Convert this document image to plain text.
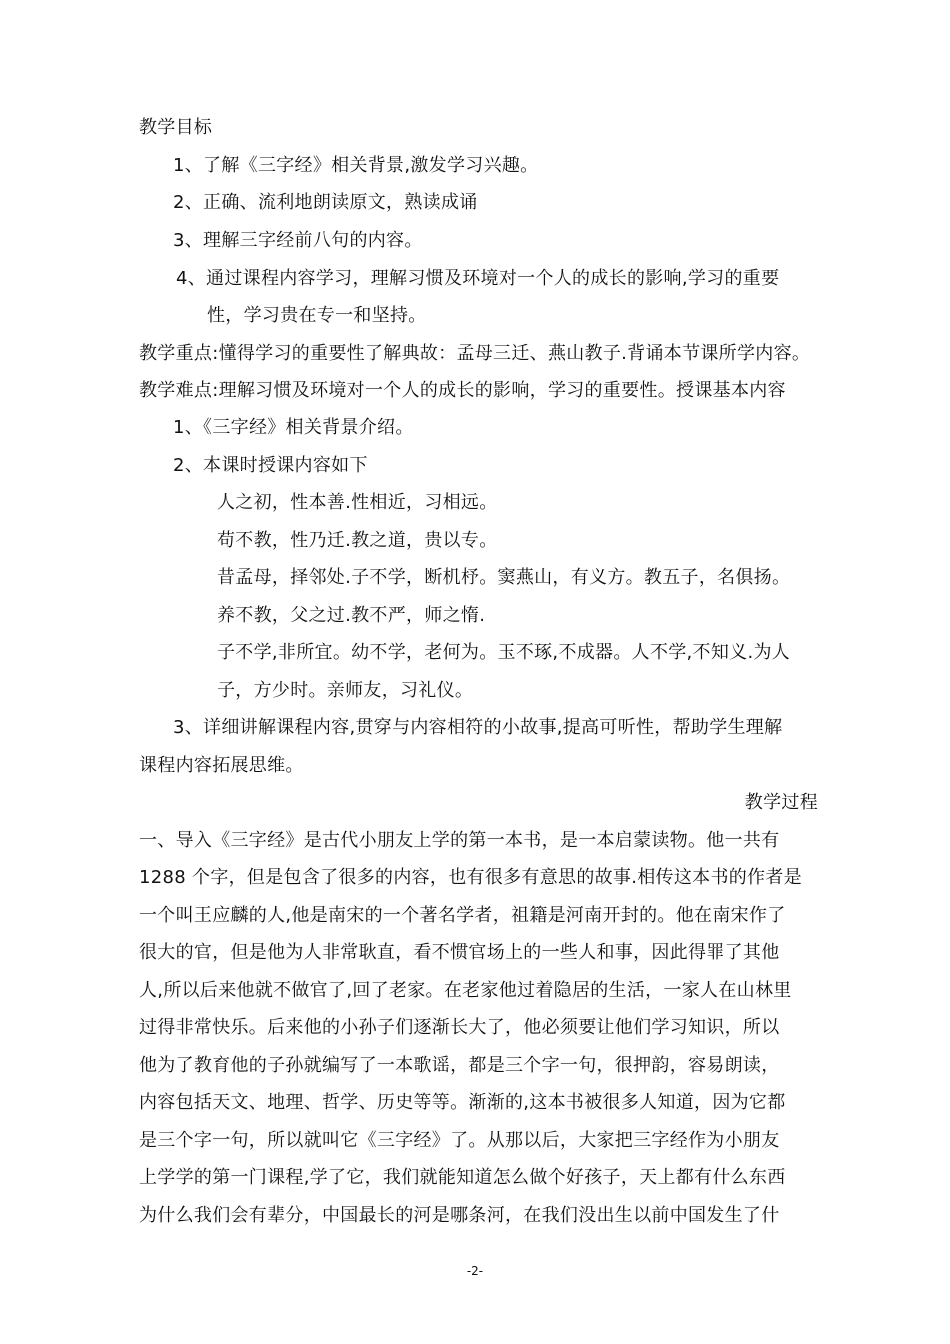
教学目标
1、了解《三字经》相关背景,激发学习兴趣。
2、正确、流利地朗读原文，熟读成诵
3、理解三字经前八句的内容。
4、通过课程内容学习，理解习惯及环境对一个人的成长的影响,学习的重要
性，学习贵在专一和坚持。
教学重点:懂得学习的重要性了解典故：孟母三迁、燕山教子.背诵本节课所学内容。
教学难点:理解习惯及环境对一个人的成长的影响，学习的重要性。授课基本内容
1、《三字经》相关背景介绍。
2、本课时授课内容如下
人之初，性本善.性相近，习相远。
苟不教，性乃迁.教之道，贵以专。
昔孟母，择邻处.子不学，断机杼。窦燕山，有义方。教五子，名俱扬。
养不教，父之过.教不严，师之惰.
子不学,非所宜。幼不学，老何为。玉不琢,不成器。人不学,不知义.为人
子，方少时。亲师友，习礼仪。
3、详细讲解课程内容,贯穿与内容相符的小故事,提高可听性，帮助学生理解
课程内容拓展思维。
教学过程
一、导入《三字经》是古代小朋友上学的第一本书，是一本启蒙读物。他一共有
1288 个字，但是包含了很多的内容，也有很多有意思的故事.相传这本书的作者是
一个叫王应麟的人,他是南宋的一个著名学者，祖籍是河南开封的。他在南宋作了
很大的官，但是他为人非常耿直，看不惯官场上的一些人和事，因此得罪了其他
人,所以后来他就不做官了,回了老家。在老家他过着隐居的生活，一家人在山林里
过得非常快乐。后来他的小孙子们逐渐长大了，他必须要让他们学习知识，所以
他为了教育他的子孙就编写了一本歌谣，都是三个字一句，很押韵，容易朗读，
内容包括天文、地理、哲学、历史等等。渐渐的,这本书被很多人知道，因为它都
是三个字一句，所以就叫它《三字经》了。从那以后，大家把三字经作为小朋友
上学学的第一门课程,学了它，我们就能知道怎么做个好孩子，天上都有什么东西
为什么我们会有辈分，中国最长的河是哪条河，在我们没出生以前中国发生了什
-2-
